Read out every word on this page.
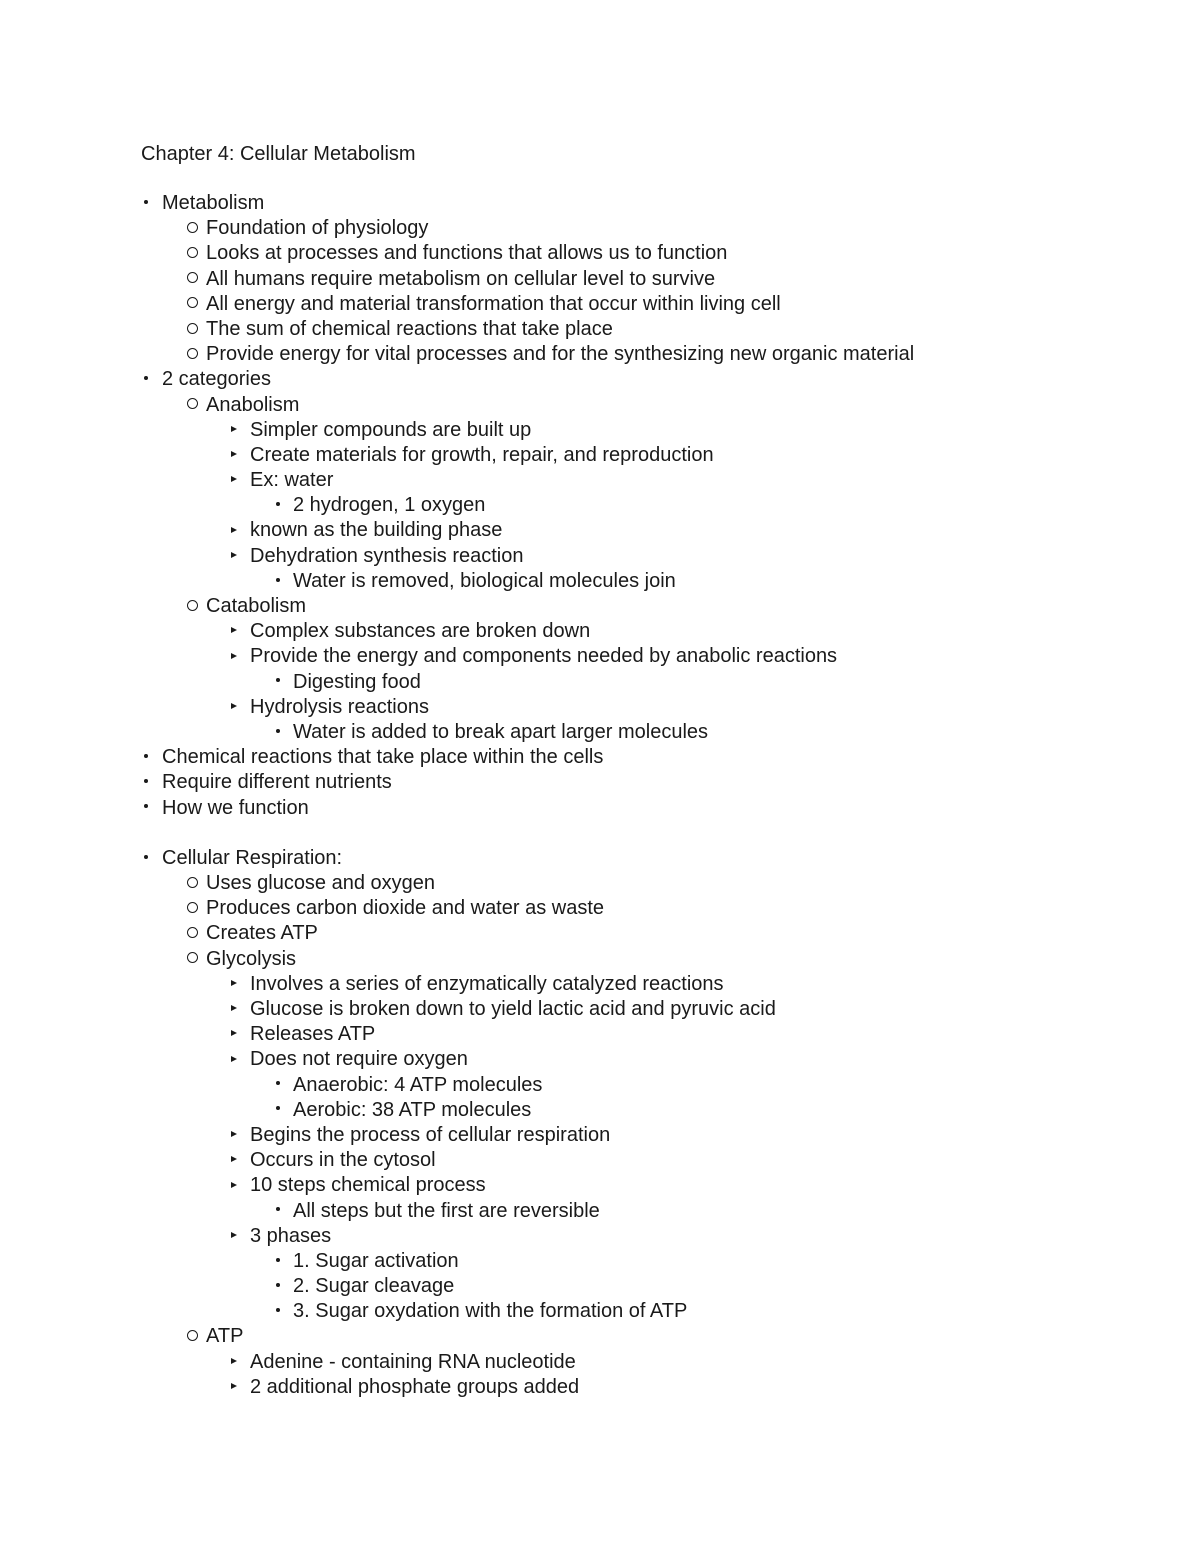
Chapter 4: Cellular Metabolism
Metabolism
Foundation of physiology
Looks at processes and functions that allows us to function
All humans require metabolism on cellular level to survive
All energy and material transformation that occur within living cell
The sum of chemical reactions that take place
Provide energy for vital processes and for the synthesizing new organic material
2 categories
Anabolism
Simpler compounds are built up
Create materials for growth, repair, and reproduction
Ex: water
2 hydrogen, 1 oxygen
known as the building phase
Dehydration synthesis reaction
Water is removed, biological molecules join
Catabolism
Complex substances are broken down
Provide the energy and components needed by anabolic reactions
Digesting food
Hydrolysis reactions
Water is added to break apart larger molecules
Chemical reactions that take place within the cells
Require different nutrients
How we function
Cellular Respiration:
Uses glucose and oxygen
Produces carbon dioxide and water as waste
Creates ATP
Glycolysis
Involves a series of enzymatically catalyzed reactions
Glucose is broken down to yield lactic acid and pyruvic acid
Releases ATP
Does not require oxygen
Anaerobic: 4 ATP molecules
Aerobic: 38 ATP molecules
Begins the process of cellular respiration
Occurs in the cytosol
10 steps chemical process
All steps but the first are reversible
3 phases
1. Sugar activation
2. Sugar cleavage
3. Sugar oxydation with the formation of ATP
ATP
Adenine - containing RNA nucleotide
2 additional phosphate groups added
